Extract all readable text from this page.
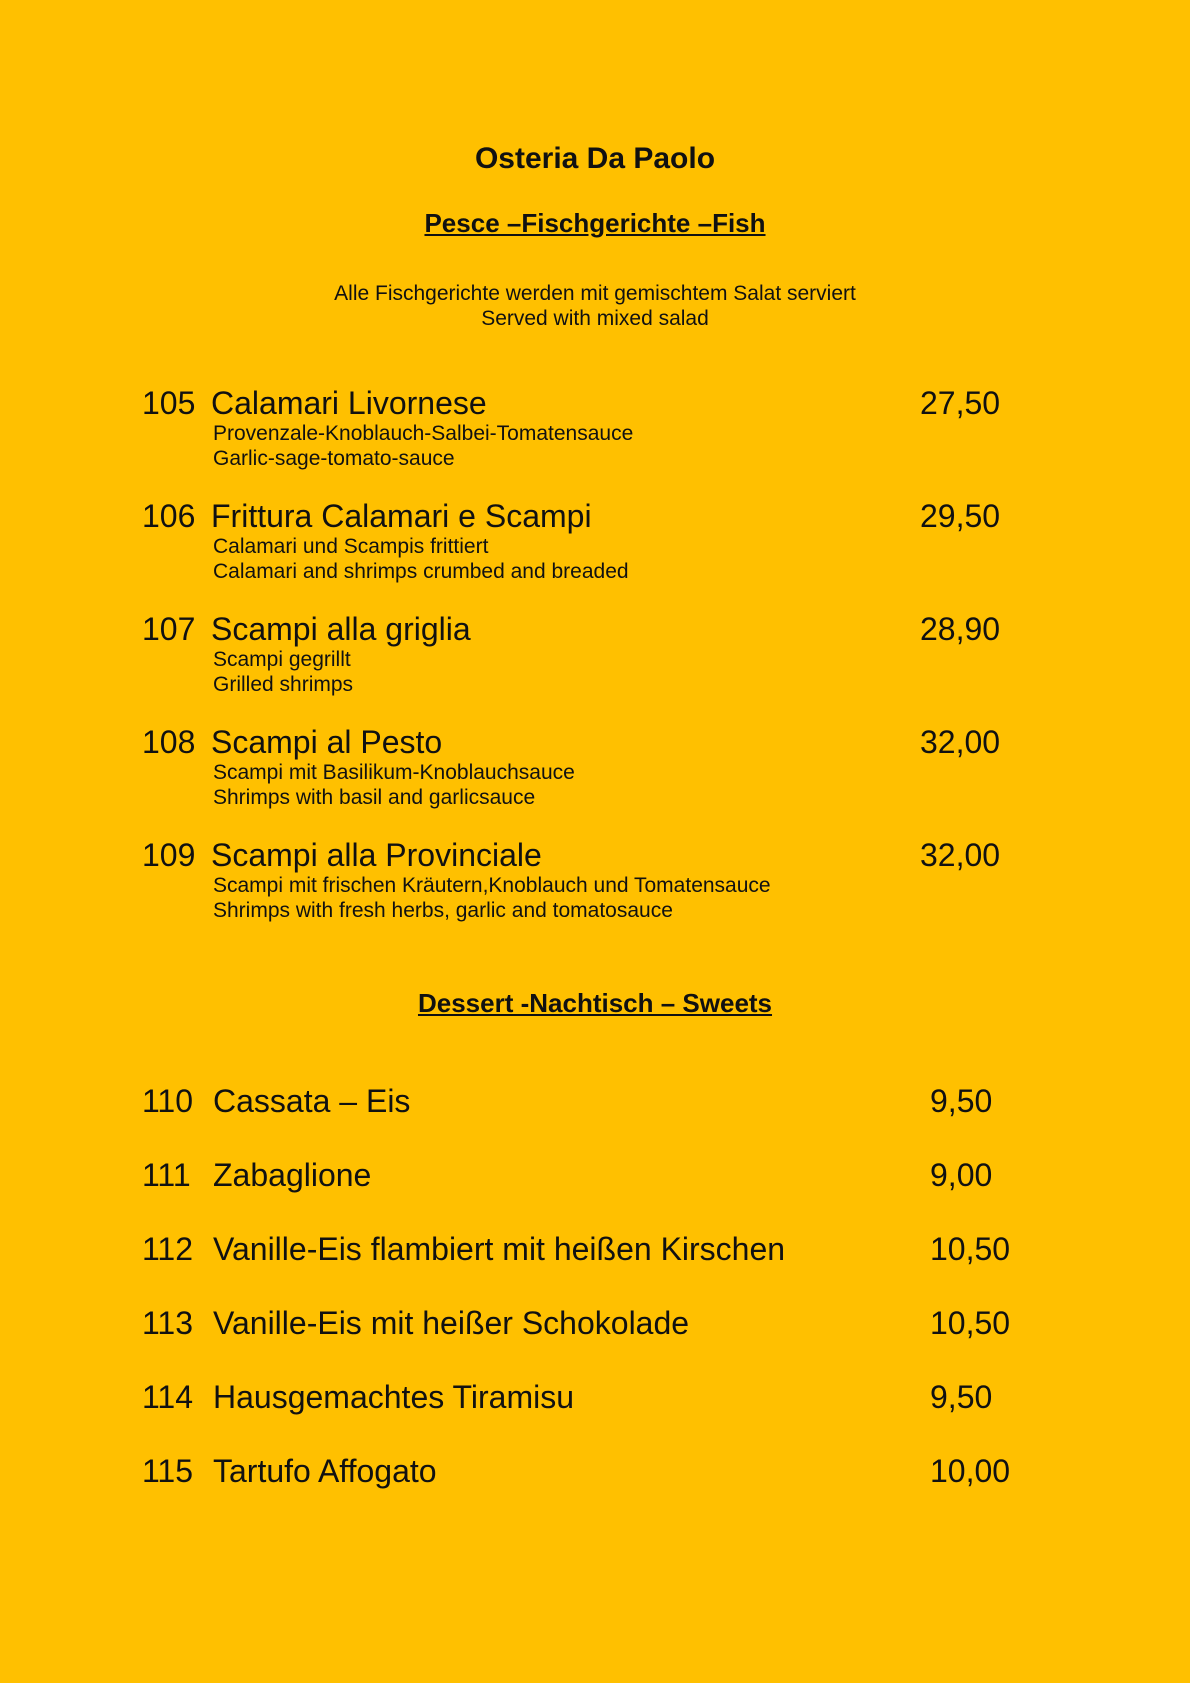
Osteria Da Paolo
Pesce –Fischgerichte –Fish
Alle Fischgerichte werden mit gemischtem Salat serviert
Served with mixed salad
105 Calamari Livornese	27,50
Provenzale-Knoblauch-Salbei-Tomatensauce
Garlic-sage-tomato-sauce
106 Frittura Calamari e Scampi	29,50
Calamari und Scampis frittiert
Calamari and shrimps crumbed and breaded
107 Scampi alla griglia	28,90
Scampi gegrillt
Grilled shrimps
108 Scampi al Pesto	32,00
Scampi mit Basilikum-Knoblauchsauce
Shrimps with basil and garlicsauce
109 Scampi alla Provinciale	32,00
Scampi mit frischen Kräutern,Knoblauch und Tomatensauce
Shrimps with fresh herbs, garlic and tomatosauce
Dessert -Nachtisch – Sweets
110 Cassata – Eis	9,50
111 Zabaglione	9,00
112 Vanille-Eis flambiert mit heißen Kirschen	10,50
113 Vanille-Eis mit heißer Schokolade	10,50
114 Hausgemachtes Tiramisu	9,50
115 Tartufo Affogato	10,00
